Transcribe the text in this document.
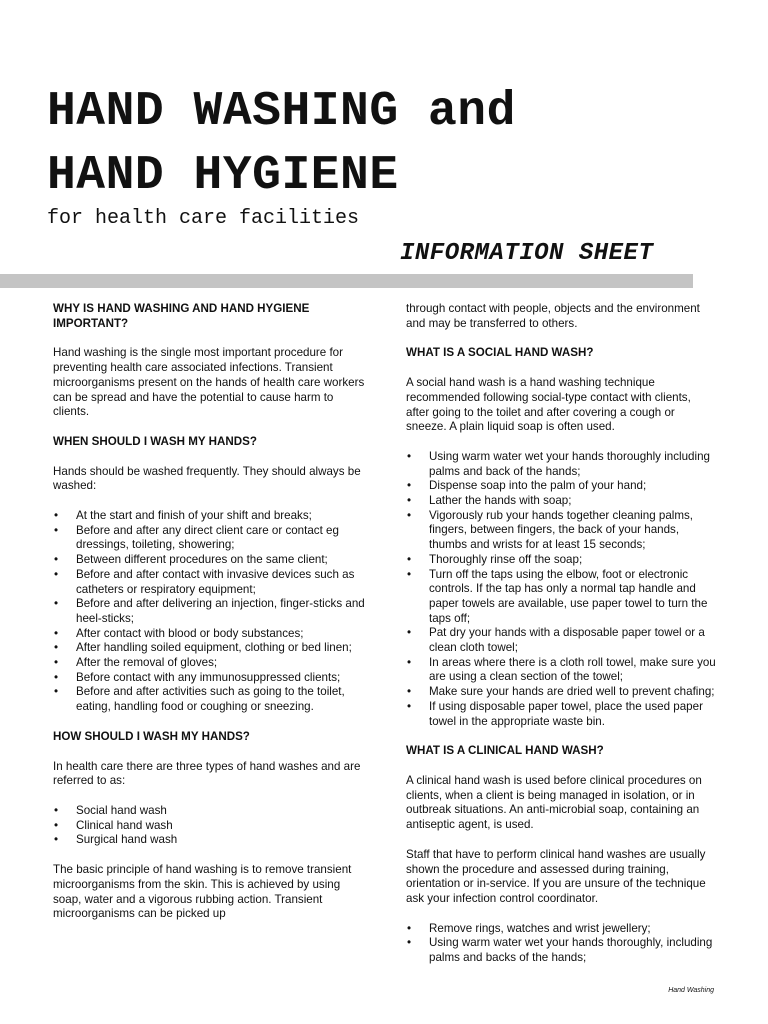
HAND WASHING and
HAND HYGIENE
for health care facilities
INFORMATION SHEET
WHY IS HAND WASHING AND HAND HYGIENE IMPORTANT?

Hand washing is the single most important procedure for preventing health care associated infections. Transient microorganisms present on the hands of health care workers can be spread and have the potential to cause harm to clients.

WHEN SHOULD I WASH MY HANDS?

Hands should be washed frequently. They should always be washed:

• At the start and finish of your shift and breaks;
• Before and after any direct client care or contact eg dressings, toileting, showering;
• Between different procedures on the same client;
• Before and after contact with invasive devices such as catheters or respiratory equipment;
• Before and after delivering an injection, finger-sticks and heel-sticks;
• After contact with blood or body substances;
• After handling soiled equipment, clothing or bed linen;
• After the removal of gloves;
• Before contact with any immunosuppressed clients;
• Before and after activities such as going to the toilet, eating, handling food or coughing or sneezing.
HOW SHOULD I WASH MY HANDS?

In health care there are three types of hand washes and are referred to as:

• Social hand wash
• Clinical hand wash
• Surgical hand wash

The basic principle of hand washing is to remove transient microorganisms from the skin. This is achieved by using soap, water and a vigorous rubbing action. Transient microorganisms can be picked up

through contact with people, objects and the environment and may be transferred to others.

WHAT IS A SOCIAL HAND WASH?

A social hand wash is a hand washing technique recommended following social-type contact with clients, after going to the toilet and after covering a cough or sneeze. A plain liquid soap is often used.

• Using warm water wet your hands thoroughly including palms and back of the hands;
• Dispense soap into the palm of your hand;
• Lather the hands with soap;
• Vigorously rub your hands together cleaning palms, fingers, between fingers, the back of your hands, thumbs and wrists for at least 15 seconds;
• Thoroughly rinse off the soap;
• Turn off the taps using the elbow, foot or electronic controls. If the tap has only a normal tap handle and paper towels are available, use paper towel to turn the taps off;
• Pat dry your hands with a disposable paper towel or a clean cloth towel;
• In areas where there is a cloth roll towel, make sure you are using a clean section of the towel;
• Make sure your hands are dried well to prevent chafing;
• If using disposable paper towel, place the used paper towel in the appropriate waste bin.
WHAT IS A CLINICAL HAND WASH?

A clinical hand wash is used before clinical procedures on clients, when a client is being managed in isolation, or in outbreak situations. An anti-microbial soap, containing an antiseptic agent, is used.

Staff that have to perform clinical hand washes are usually shown the procedure and assessed during training, orientation or in-service. If you are unsure of the technique ask your infection control coordinator.

• Remove rings, watches and wrist jewellery;
• Using warm water wet your hands thoroughly, including palms and backs of the hands;
Hand Washing
